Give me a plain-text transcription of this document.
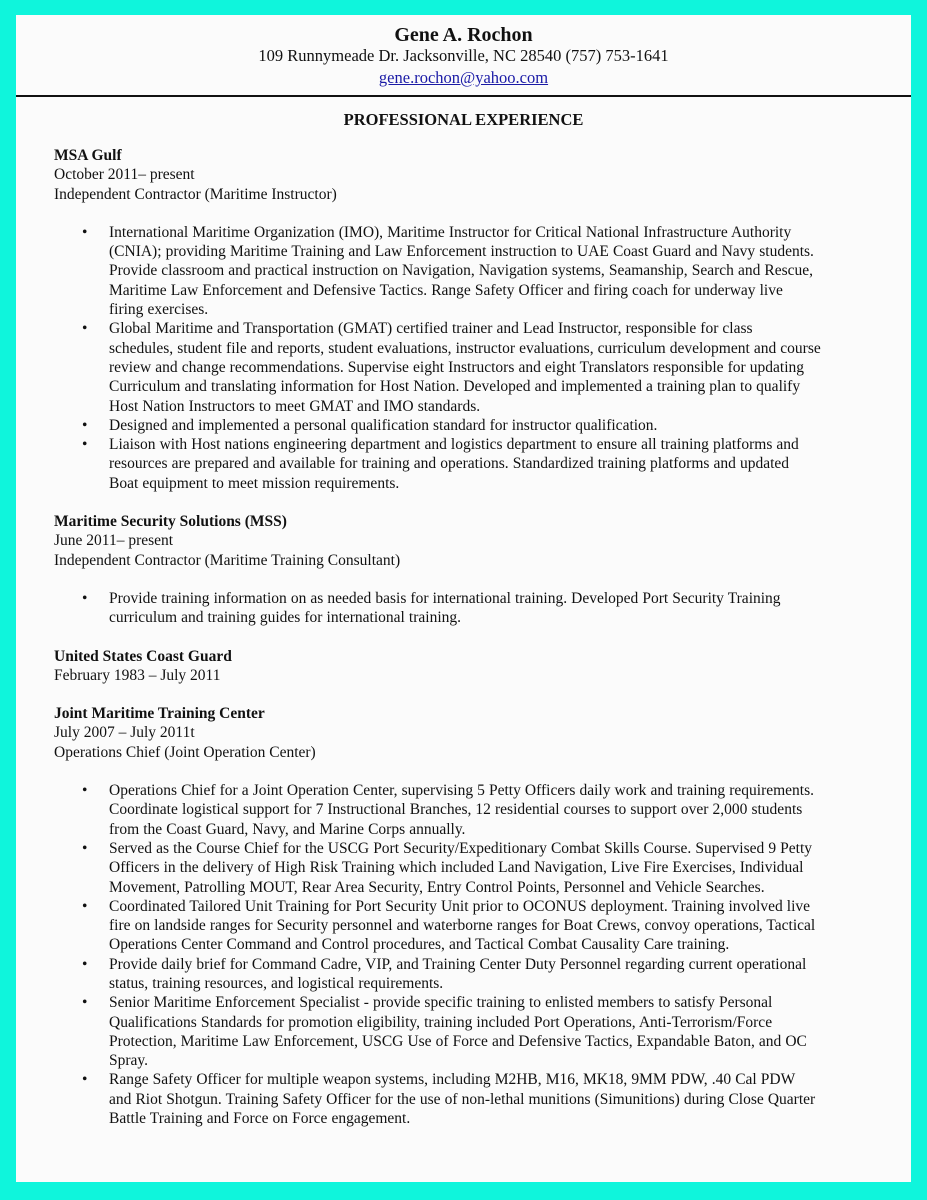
Gene A. Rochon
109 Runnymeade Dr. Jacksonville, NC 28540 (757) 753-1641
gene.rochon@yahoo.com
PROFESSIONAL EXPERIENCE
MSA Gulf
October 2011– present
Independent Contractor (Maritime Instructor)
• International Maritime Organization (IMO), Maritime Instructor for Critical National Infrastructure Authority
(CNIA); providing Maritime Training and Law Enforcement instruction to UAE Coast Guard and Navy students.
Provide classroom and practical instruction on Navigation, Navigation systems, Seamanship, Search and Rescue,
Maritime Law Enforcement and Defensive Tactics. Range Safety Officer and firing coach for underway live
firing exercises.
• Global Maritime and Transportation (GMAT) certified trainer and Lead Instructor, responsible for class
schedules, student file and reports, student evaluations, instructor evaluations, curriculum development and course
review and change recommendations. Supervise eight Instructors and eight Translators responsible for updating
Curriculum and translating information for Host Nation. Developed and implemented a training plan to qualify
Host Nation Instructors to meet GMAT and IMO standards.
• Designed and implemented a personal qualification standard for instructor qualification.
• Liaison with Host nations engineering department and logistics department to ensure all training platforms and
resources are prepared and available for training and operations. Standardized training platforms and updated
Boat equipment to meet mission requirements.
Maritime Security Solutions (MSS)
June 2011– present
Independent Contractor (Maritime Training Consultant)
• Provide training information on as needed basis for international training. Developed Port Security Training
curriculum and training guides for international training.
United States Coast Guard
February 1983 – July 2011
Joint Maritime Training Center
July 2007 – July 2011t
Operations Chief (Joint Operation Center)
• Operations Chief for a Joint Operation Center, supervising 5 Petty Officers daily work and training requirements.
Coordinate logistical support for 7 Instructional Branches, 12 residential courses to support over 2,000 students
from the Coast Guard, Navy, and Marine Corps annually.
• Served as the Course Chief for the USCG Port Security/Expeditionary Combat Skills Course. Supervised 9 Petty
Officers in the delivery of High Risk Training which included Land Navigation, Live Fire Exercises, Individual
Movement, Patrolling MOUT, Rear Area Security, Entry Control Points, Personnel and Vehicle Searches.
• Coordinated Tailored Unit Training for Port Security Unit prior to OCONUS deployment. Training involved live
fire on landside ranges for Security personnel and waterborne ranges for Boat Crews, convoy operations, Tactical
Operations Center Command and Control procedures, and Tactical Combat Causality Care training.
• Provide daily brief for Command Cadre, VIP, and Training Center Duty Personnel regarding current operational
status, training resources, and logistical requirements.
• Senior Maritime Enforcement Specialist - provide specific training to enlisted members to satisfy Personal
Qualifications Standards for promotion eligibility, training included Port Operations, Anti-Terrorism/Force
Protection, Maritime Law Enforcement, USCG Use of Force and Defensive Tactics, Expandable Baton, and OC
Spray.
• Range Safety Officer for multiple weapon systems, including M2HB, M16, MK18, 9MM PDW, .40 Cal PDW
and Riot Shotgun. Training Safety Officer for the use of non-lethal munitions (Simunitions) during Close Quarter
Battle Training and Force on Force engagement.
